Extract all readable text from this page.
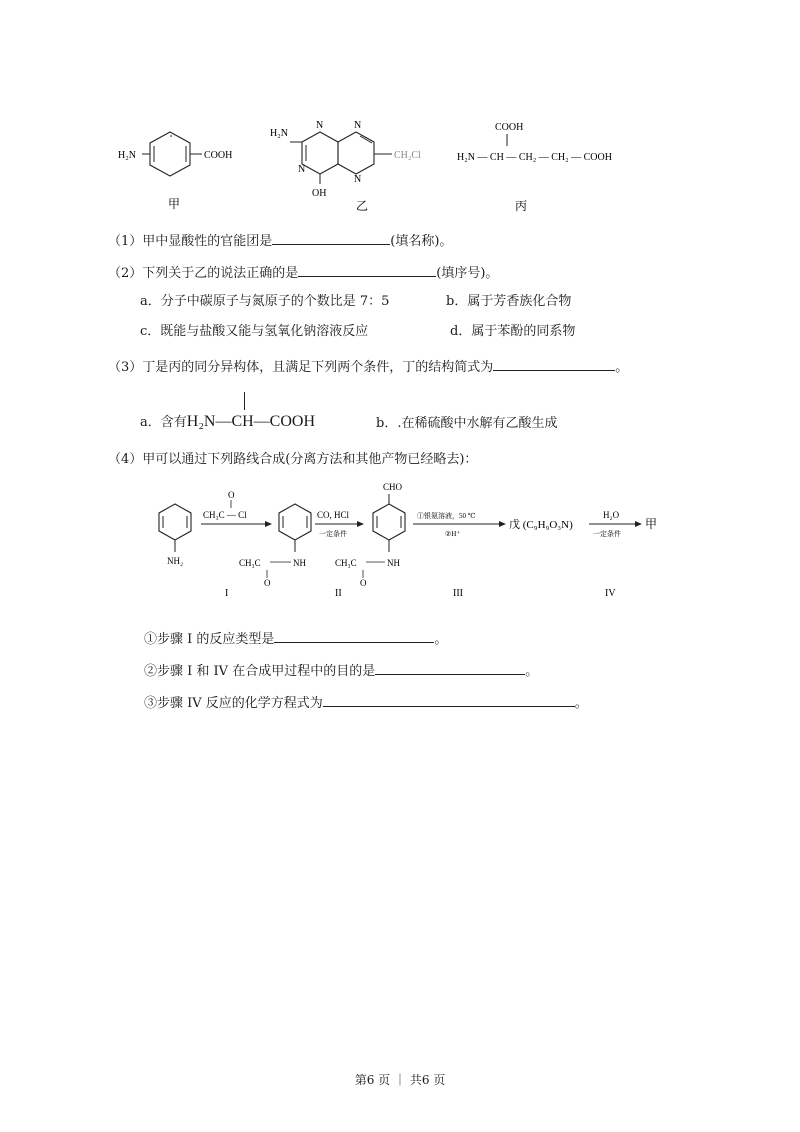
H₂N	COOH
甲
H₂N
N	N
N
N
OH
CH₂Cl
乙
COOH
H₂N — CH — CH₂ — CH₂ — COOH
丙
（1）甲中显酸性的官能团是	(填名称)。
（2）下列关于乙的说法正确的是	(填序号)。
a．分子中碳原子与氮原子的个数比是 7：5	b．属于芳香族化合物
c．既能与盐酸又能与氢氧化钠溶液反应	d．属于苯酚的同系物
（3）丁是丙的同分异构体，且满足下列两个条件，丁的结构简式为	。
a．含有H₂N—CH—COOH	b．.在稀硫酸中水解有乙酸生成
（4）甲可以通过下列路线合成(分离方法和其他产物已经略去)：
NH₂
O
CH₃C — Cl
CH₃C	NH
O
CO, HCl
一定条件
CHO
CH₃C	NH
O
①银氨溶液，50 ℃
②H⁺
戊 (C₉H₉O₃N)
H₂O
一定条件
甲
I	II	III	IV
①步骤 I 的反应类型是	。
②步骤 I 和 IV 在合成甲过程中的目的是	。
③步骤 IV 反应的化学方程式为	。
第6 页 ｜ 共6 页
